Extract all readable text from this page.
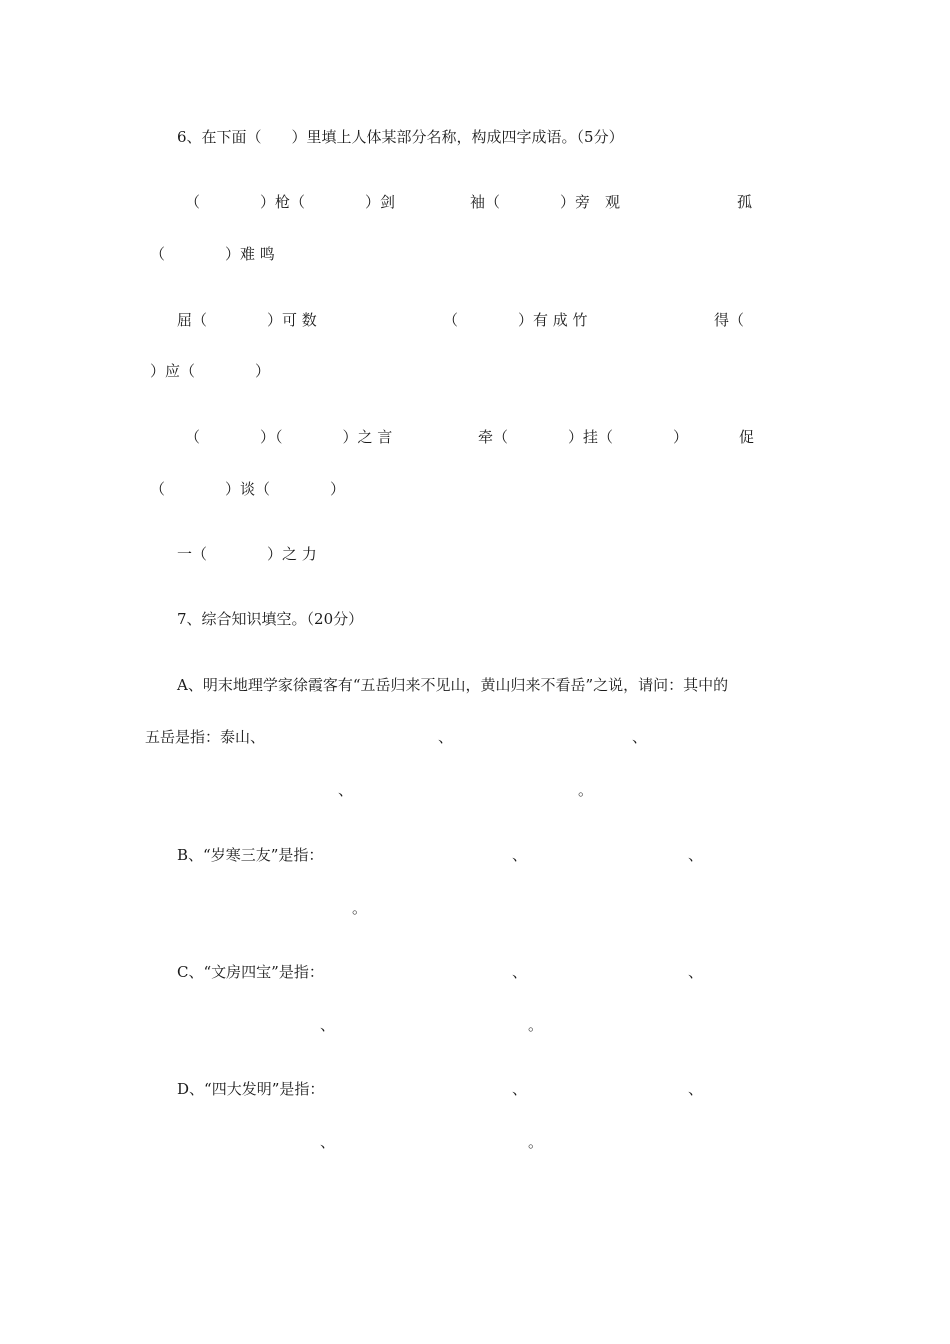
6、在下面（　　）里填上人体某部分名称，构成四字成语。（5分）
（　　　　）枪（　　　　）剑	袖（　　　　）旁　观	孤
（　　　　）难 鸣
屈（　　　　）可 数	（　　　　）有 成 竹	得（
）应（　　　　）
（　　　　）（　　　　）之 言	牵（　　　　）挂（　　　　）	促
（　　　　）谈（　　　　）
一（　　　　）之 力
7、综合知识填空。（20分）
A、明末地理学家徐霞客有“五岳归来不见山，黄山归来不看岳”之说，请问：其中的
五岳是指：泰山、	、	、
、	。
B、“岁寒三友”是指：	、	、
。
C、“文房四宝”是指：	、	、
、	。
D、“四大发明”是指：	、	、
、	。
